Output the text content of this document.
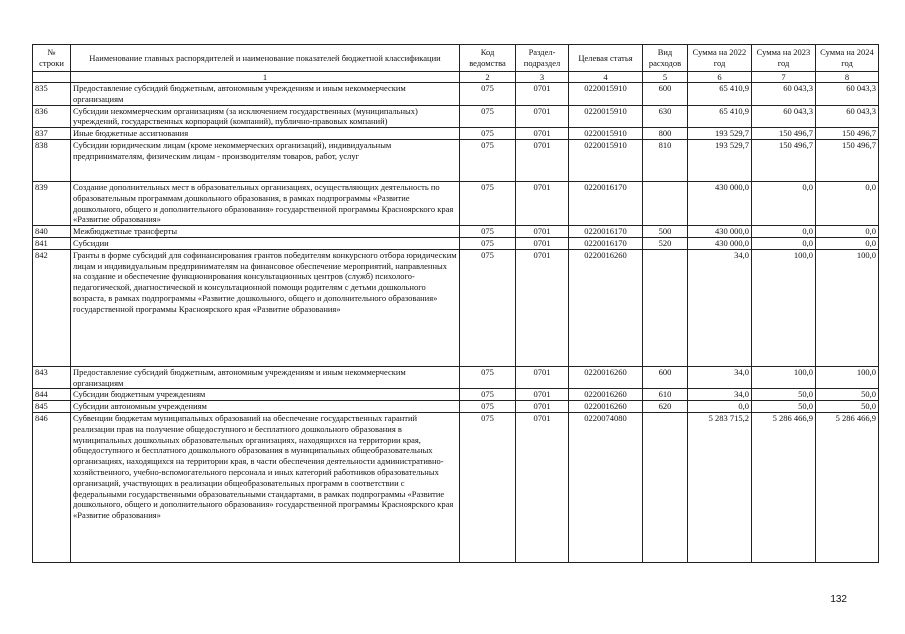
№ строки	Наименование главных распорядителей и наименование показателей бюджетной классификации	Код ведомства	Раздел-подраздел	Целевая статья	Вид расходов	Сумма на 2022 год	Сумма на 2023 год	Сумма на 2024 год
	1	2	3	4	5	6	7	8
835	Предоставление субсидий бюджетным, автономным учреждениям и иным некоммерческим организациям	075	0701	0220015910	600	65 410,9	60 043,3	60 043,3
836	Субсидии некоммерческим организациям (за исключением государственных (муниципальных) учреждений, государственных корпораций (компаний), публично-правовых компаний)	075	0701	0220015910	630	65 410,9	60 043,3	60 043,3
837	Иные бюджетные ассигнования	075	0701	0220015910	800	193 529,7	150 496,7	150 496,7
838	Субсидии юридическим лицам (кроме некоммерческих организаций), индивидуальным предпринимателям, физическим лицам - производителям товаров, работ, услуг	075	0701	0220015910	810	193 529,7	150 496,7	150 496,7
839	Создание дополнительных мест в образовательных организациях, осуществляющих деятельность по образовательным программам дошкольного образования, в рамках подпрограммы «Развитие дошкольного, общего и дополнительного образования» государственной программы Красноярского края «Развитие образования»	075	0701	0220016170		430 000,0	0,0	0,0
840	Межбюджетные трансферты	075	0701	0220016170	500	430 000,0	0,0	0,0
841	Субсидии	075	0701	0220016170	520	430 000,0	0,0	0,0
842	Гранты в форме субсидий для софинансирования грантов победителям конкурсного отбора юридическим лицам и индивидуальным предпринимателям на финансовое обеспечение мероприятий, направленных на создание и обеспечение функционирования консультационных центров (служб) психолого-педагогической, диагностической и консультационной помощи родителям с детьми дошкольного возраста, в рамках подпрограммы «Развитие дошкольного, общего и дополнительного образования» государственной программы Красноярского края «Развитие образования»	075	0701	0220016260		34,0	100,0	100,0
843	Предоставление субсидий бюджетным, автономным учреждениям и иным некоммерческим организациям	075	0701	0220016260	600	34,0	100,0	100,0
844	Субсидии бюджетным учреждениям	075	0701	0220016260	610	34,0	50,0	50,0
845	Субсидии автономным учреждениям	075	0701	0220016260	620	0,0	50,0	50,0
846	Субвенции бюджетам муниципальных образований на обеспечение государственных гарантий реализации прав на получение общедоступного и бесплатного дошкольного образования в муниципальных дошкольных образовательных организациях, находящихся на территории края, общедоступного и бесплатного дошкольного образования в муниципальных общеобразовательных организациях, находящихся на территории края, в части обеспечения деятельности административно-хозяйственного, учебно-вспомогательного персонала и иных категорий работников образовательных организаций, участвующих в реализации общеобразовательных программ в соответствии с федеральными государственными образовательными стандартами, в рамках подпрограммы «Развитие дошкольного, общего и дополнительного образования» государственной программы Красноярского края «Развитие образования»	075	0701	0220074080		5 283 715,2	5 286 466,9	5 286 466,9
132
